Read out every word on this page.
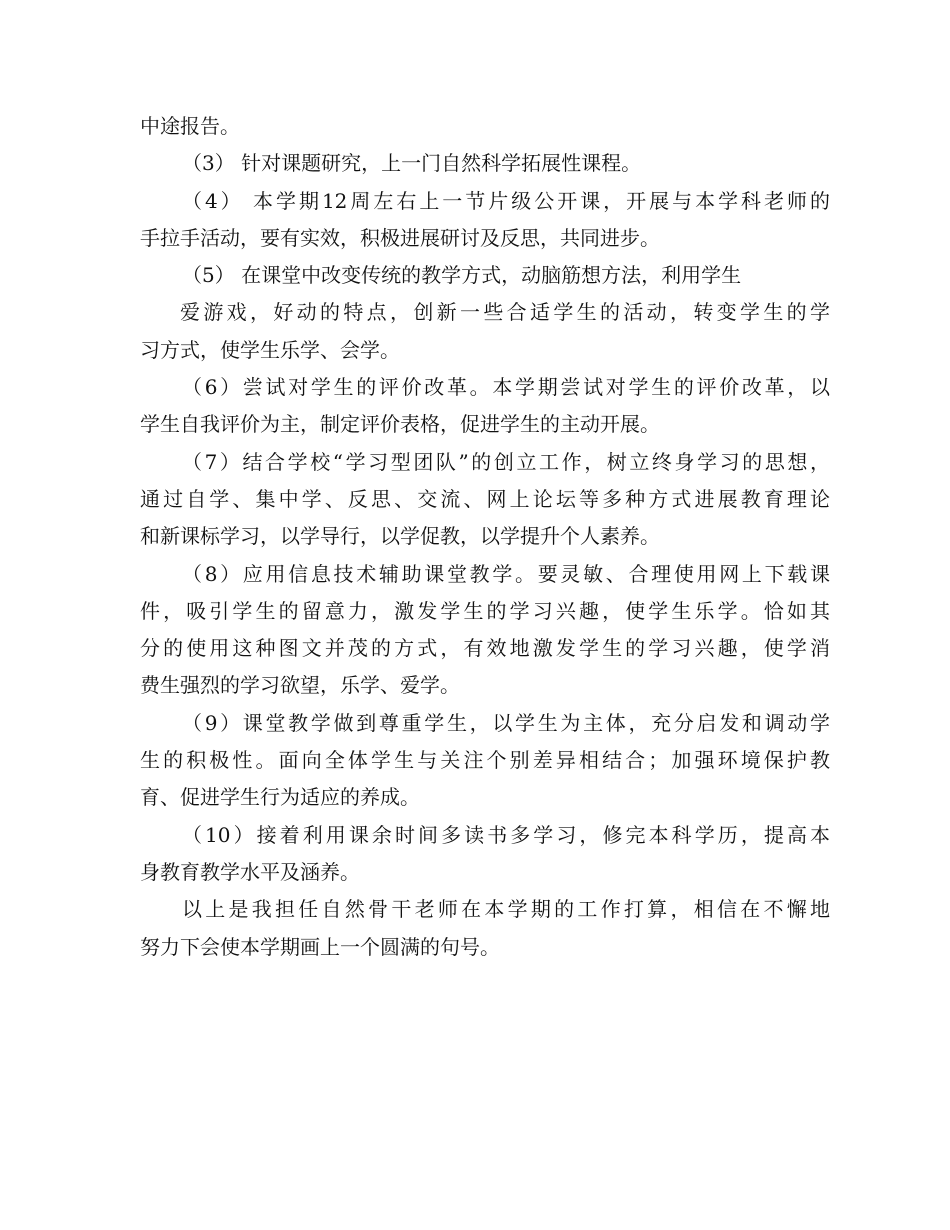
中途报告。
（3） 针对课题研究，上一门自然科学拓展性课程。
（4） 本学期12周左右上一节片级公开课，开展与本学科老师的
手拉手活动，要有实效，积极进展研讨及反思，共同进步。
（5） 在课堂中改变传统的教学方式，动脑筋想方法，利用学生
爱游戏，好动的特点，创新一些合适学生的活动，转变学生的学
习方式，使学生乐学、会学。
（6）尝试对学生的评价改革。本学期尝试对学生的评价改革，以
学生自我评价为主，制定评价表格，促进学生的主动开展。
（7）结合学校“学习型团队”的创立工作，树立终身学习的思想，
通过自学、集中学、反思、交流、网上论坛等多种方式进展教育理论
和新课标学习，以学导行，以学促教，以学提升个人素养。
（8）应用信息技术辅助课堂教学。要灵敏、合理使用网上下载课
件，吸引学生的留意力，激发学生的学习兴趣，使学生乐学。恰如其
分的使用这种图文并茂的方式，有效地激发学生的学习兴趣，使学消
费生强烈的学习欲望，乐学、爱学。
（9）课堂教学做到尊重学生，以学生为主体，充分启发和调动学
生的积极性。面向全体学生与关注个别差异相结合；加强环境保护教
育、促进学生行为适应的养成。
（10）接着利用课余时间多读书多学习，修完本科学历，提高本
身教育教学水平及涵养。
以上是我担任自然骨干老师在本学期的工作打算，相信在不懈地
努力下会使本学期画上一个圆满的句号。
